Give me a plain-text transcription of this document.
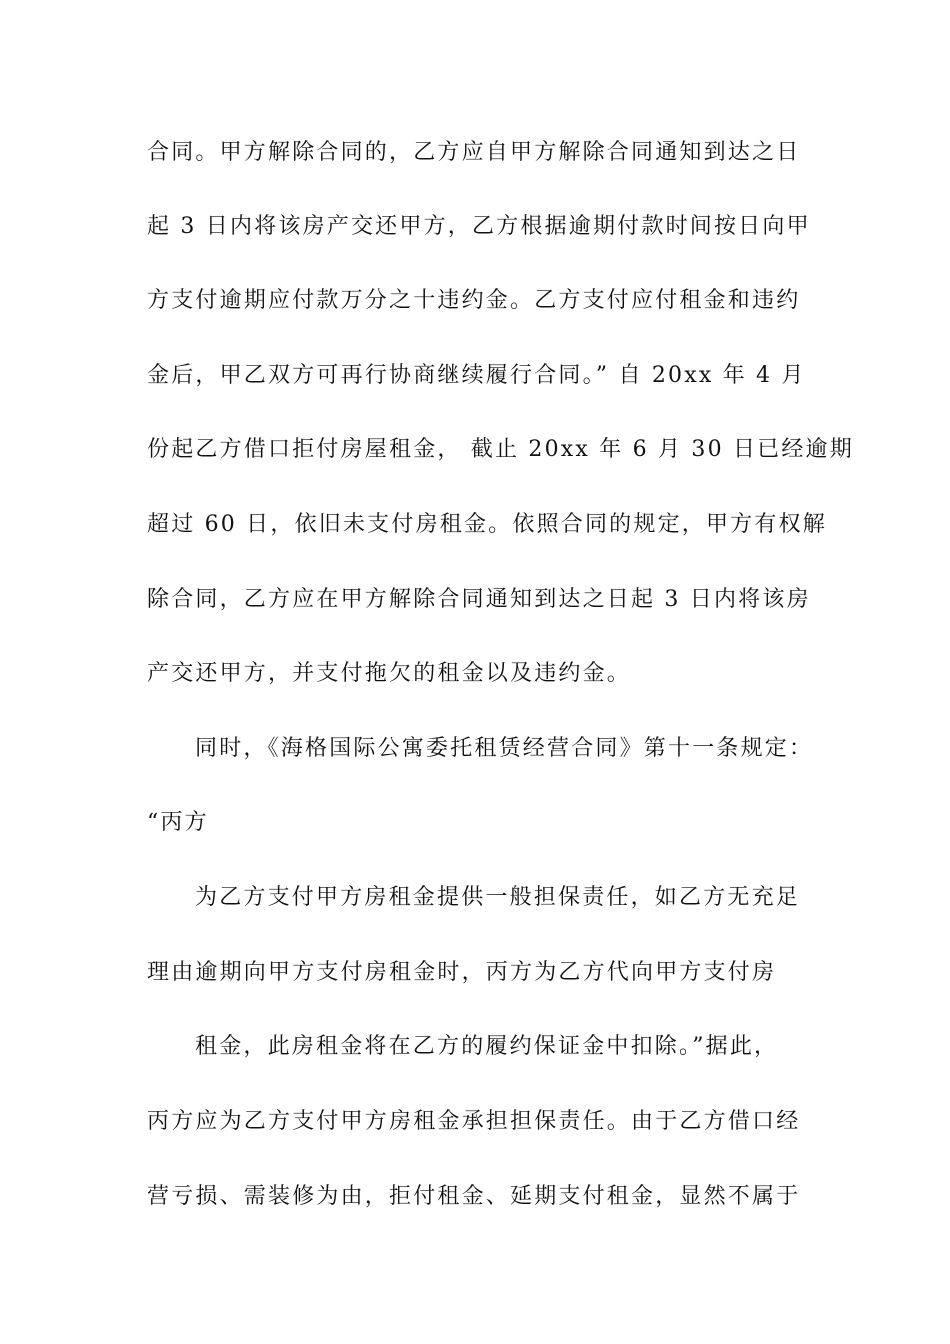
合同。甲方解除合同的，乙方应自甲方解除合同通知到达之日
起 3 日内将该房产交还甲方，乙方根据逾期付款时间按日向甲
方支付逾期应付款万分之十违约金。乙方支付应付租金和违约
金后，甲乙双方可再行协商继续履行合同。” 自 20xx 年 4 月
份起乙方借口拒付房屋租金， 截止 20xx 年 6 月 30 日已经逾期
超过 60 日，依旧未支付房租金。依照合同的规定，甲方有权解
除合同，乙方应在甲方解除合同通知到达之日起 3 日内将该房
产交还甲方，并支付拖欠的租金以及违约金。
同时，《海格国际公寓委托租赁经营合同》第十一条规定：
“丙方
为乙方支付甲方房租金提供一般担保责任，如乙方无充足
理由逾期向甲方支付房租金时，丙方为乙方代向甲方支付房
租金，此房租金将在乙方的履约保证金中扣除。”据此，
丙方应为乙方支付甲方房租金承担担保责任。由于乙方借口经
营亏损、需装修为由，拒付租金、延期支付租金，显然不属于
